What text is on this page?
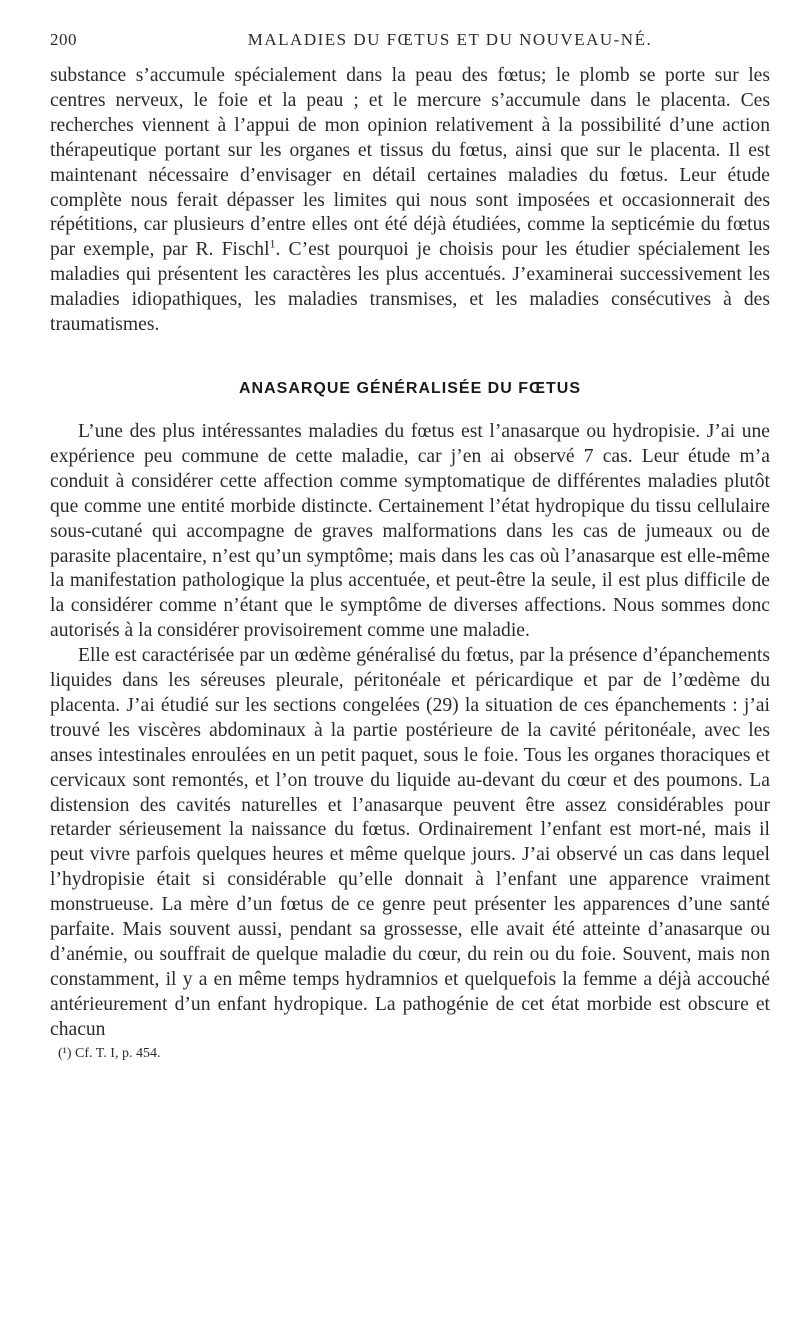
200	MALADIES DU FŒTUS ET DU NOUVEAU-NÉ.

substance s’accumule spécialement dans la peau des fœtus; le plomb se porte sur les centres nerveux, le foie et la peau ; et le mercure s’accumule dans le placenta. Ces recherches viennent à l’appui de mon opinion relativement à la possibilité d’une action thérapeutique portant sur les organes et tissus du fœtus, ainsi que sur le placenta. Il est maintenant nécessaire d’envisager en détail certaines maladies du fœtus. Leur étude complète nous ferait dépasser les limites qui nous sont imposées et occasionnerait des répétitions, car plusieurs d’entre elles ont été déjà étudiées, comme la septicémie du fœtus par exemple, par R. Fischl$^1$. C’est pourquoi je choisis pour les étudier spécialement les maladies qui présentent les caractères les plus accentués. J’examinerai successivement les maladies idiopathiques, les maladies transmises, et les maladies consécutives à des traumatismes.

ANASARQUE GÉNÉRALISÉE DU FŒTUS

L’une des plus intéressantes maladies du fœtus est l’anasarque ou hydropisie. J’ai une expérience peu commune de cette maladie, car j’en ai observé 7 cas. Leur étude m’a conduit à considérer cette affection comme symptomatique de différentes maladies plutôt que comme une entité morbide distincte. Certainement l’état hydropique du tissu cellulaire sous-cutané qui accompagne de graves malformations dans les cas de jumeaux ou de parasite placentaire, n’est qu’un symptôme; mais dans les cas où l’anasarque est elle-même la manifestation pathologique la plus accentuée, et peut-être la seule, il est plus difficile de la considérer comme n’étant que le symptôme de diverses affections. Nous sommes donc autorisés à la considérer provisoirement comme une maladie.

Elle est caractérisée par un œdème généralisé du fœtus, par la présence d’épanchements liquides dans les séreuses pleurale, péritonéale et péricardique et par de l’œdème du placenta. J’ai étudié sur les sections congelées (29) la situation de ces épanchements : j’ai trouvé les viscères abdominaux à la partie postérieure de la cavité péritonéale, avec les anses intestinales enroulées en un petit paquet, sous le foie. Tous les organes thoraciques et cervicaux sont remontés, et l’on trouve du liquide au-devant du cœur et des poumons. La distension des cavités naturelles et l’anasarque peuvent être assez considérables pour retarder sérieusement la naissance du fœtus. Ordinairement l’enfant est mort-né, mais il peut vivre parfois quelques heures et même quelque jours. J’ai observé un cas dans lequel l’hydropisie était si considérable qu’elle donnait à l’enfant une apparence vraiment monstrueuse. La mère d’un fœtus de ce genre peut présenter les apparences d’une santé parfaite. Mais souvent aussi, pendant sa grossesse, elle avait été atteinte d’anasarque ou d’anémie, ou souffrait de quelque maladie du cœur, du rein ou du foie. Souvent, mais non constamment, il y a en même temps hydramnios et quelquefois la femme a déjà accouché antérieurement d’un enfant hydropique. La pathogénie de cet état morbide est obscure et chacun

(¹) Cf. T. I, p. 454.
